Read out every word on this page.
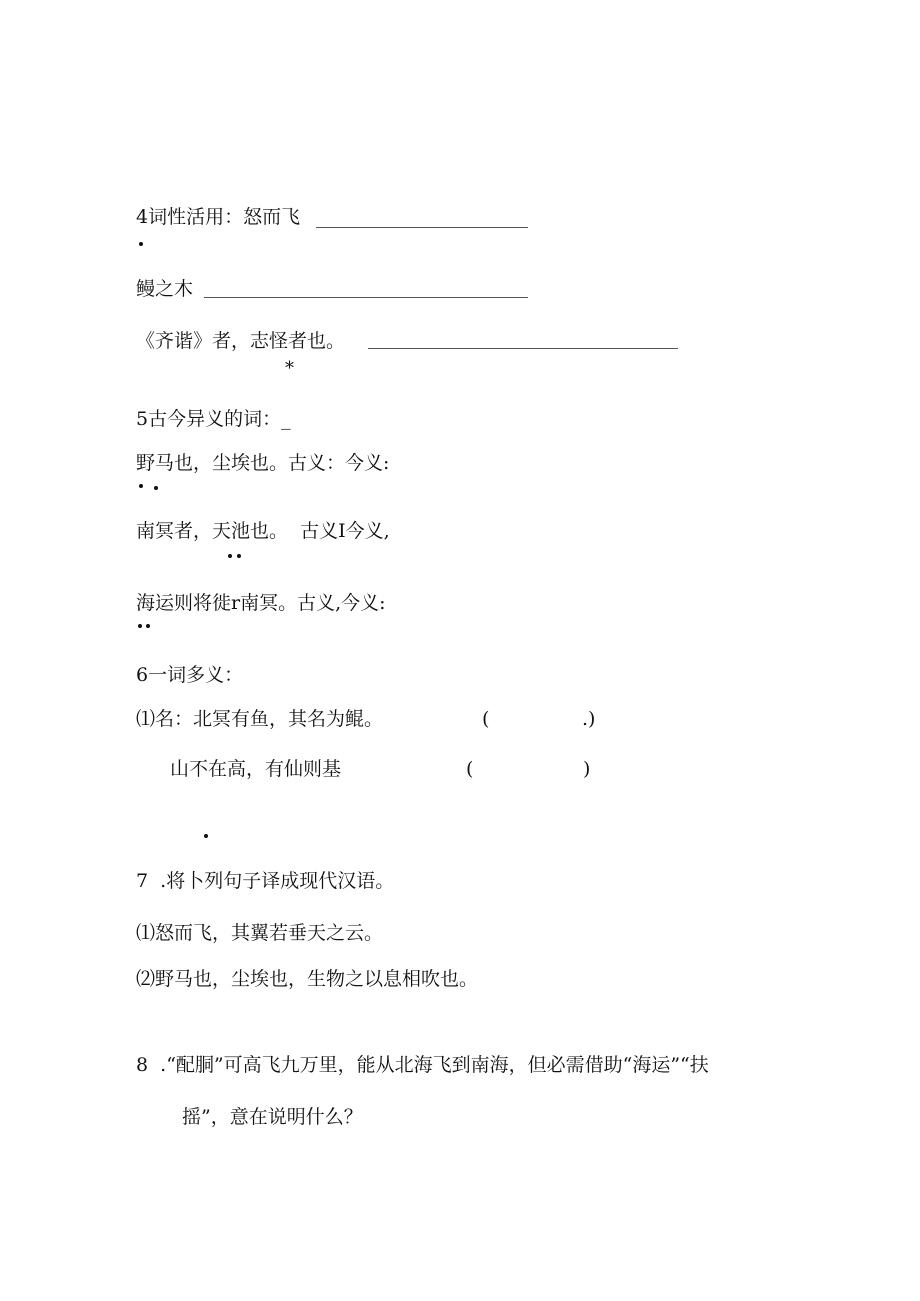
4词性活用：怒而飞
鳗之木
《齐谐》者，志怪者也。
*
5古今异义的词：_
野马也，尘埃也。古义：今义:
南冥者，天池也。  古义I今义,
海运则将徙r南冥。古义,今义:
6一词多义：
⑴名：北冥有鱼，其名为鲲。	(	.)
山不在高，有仙则基	(	)
7  .将卜列句子译成现代汉语。
⑴怒而飞，其翼若垂天之云。
⑵野马也，尘埃也，生物之以息相吹也。
8  .“配胴”可高飞九万里，能从北海飞到南海，但必需借助“海运”“扶
摇”，意在说明什么？
